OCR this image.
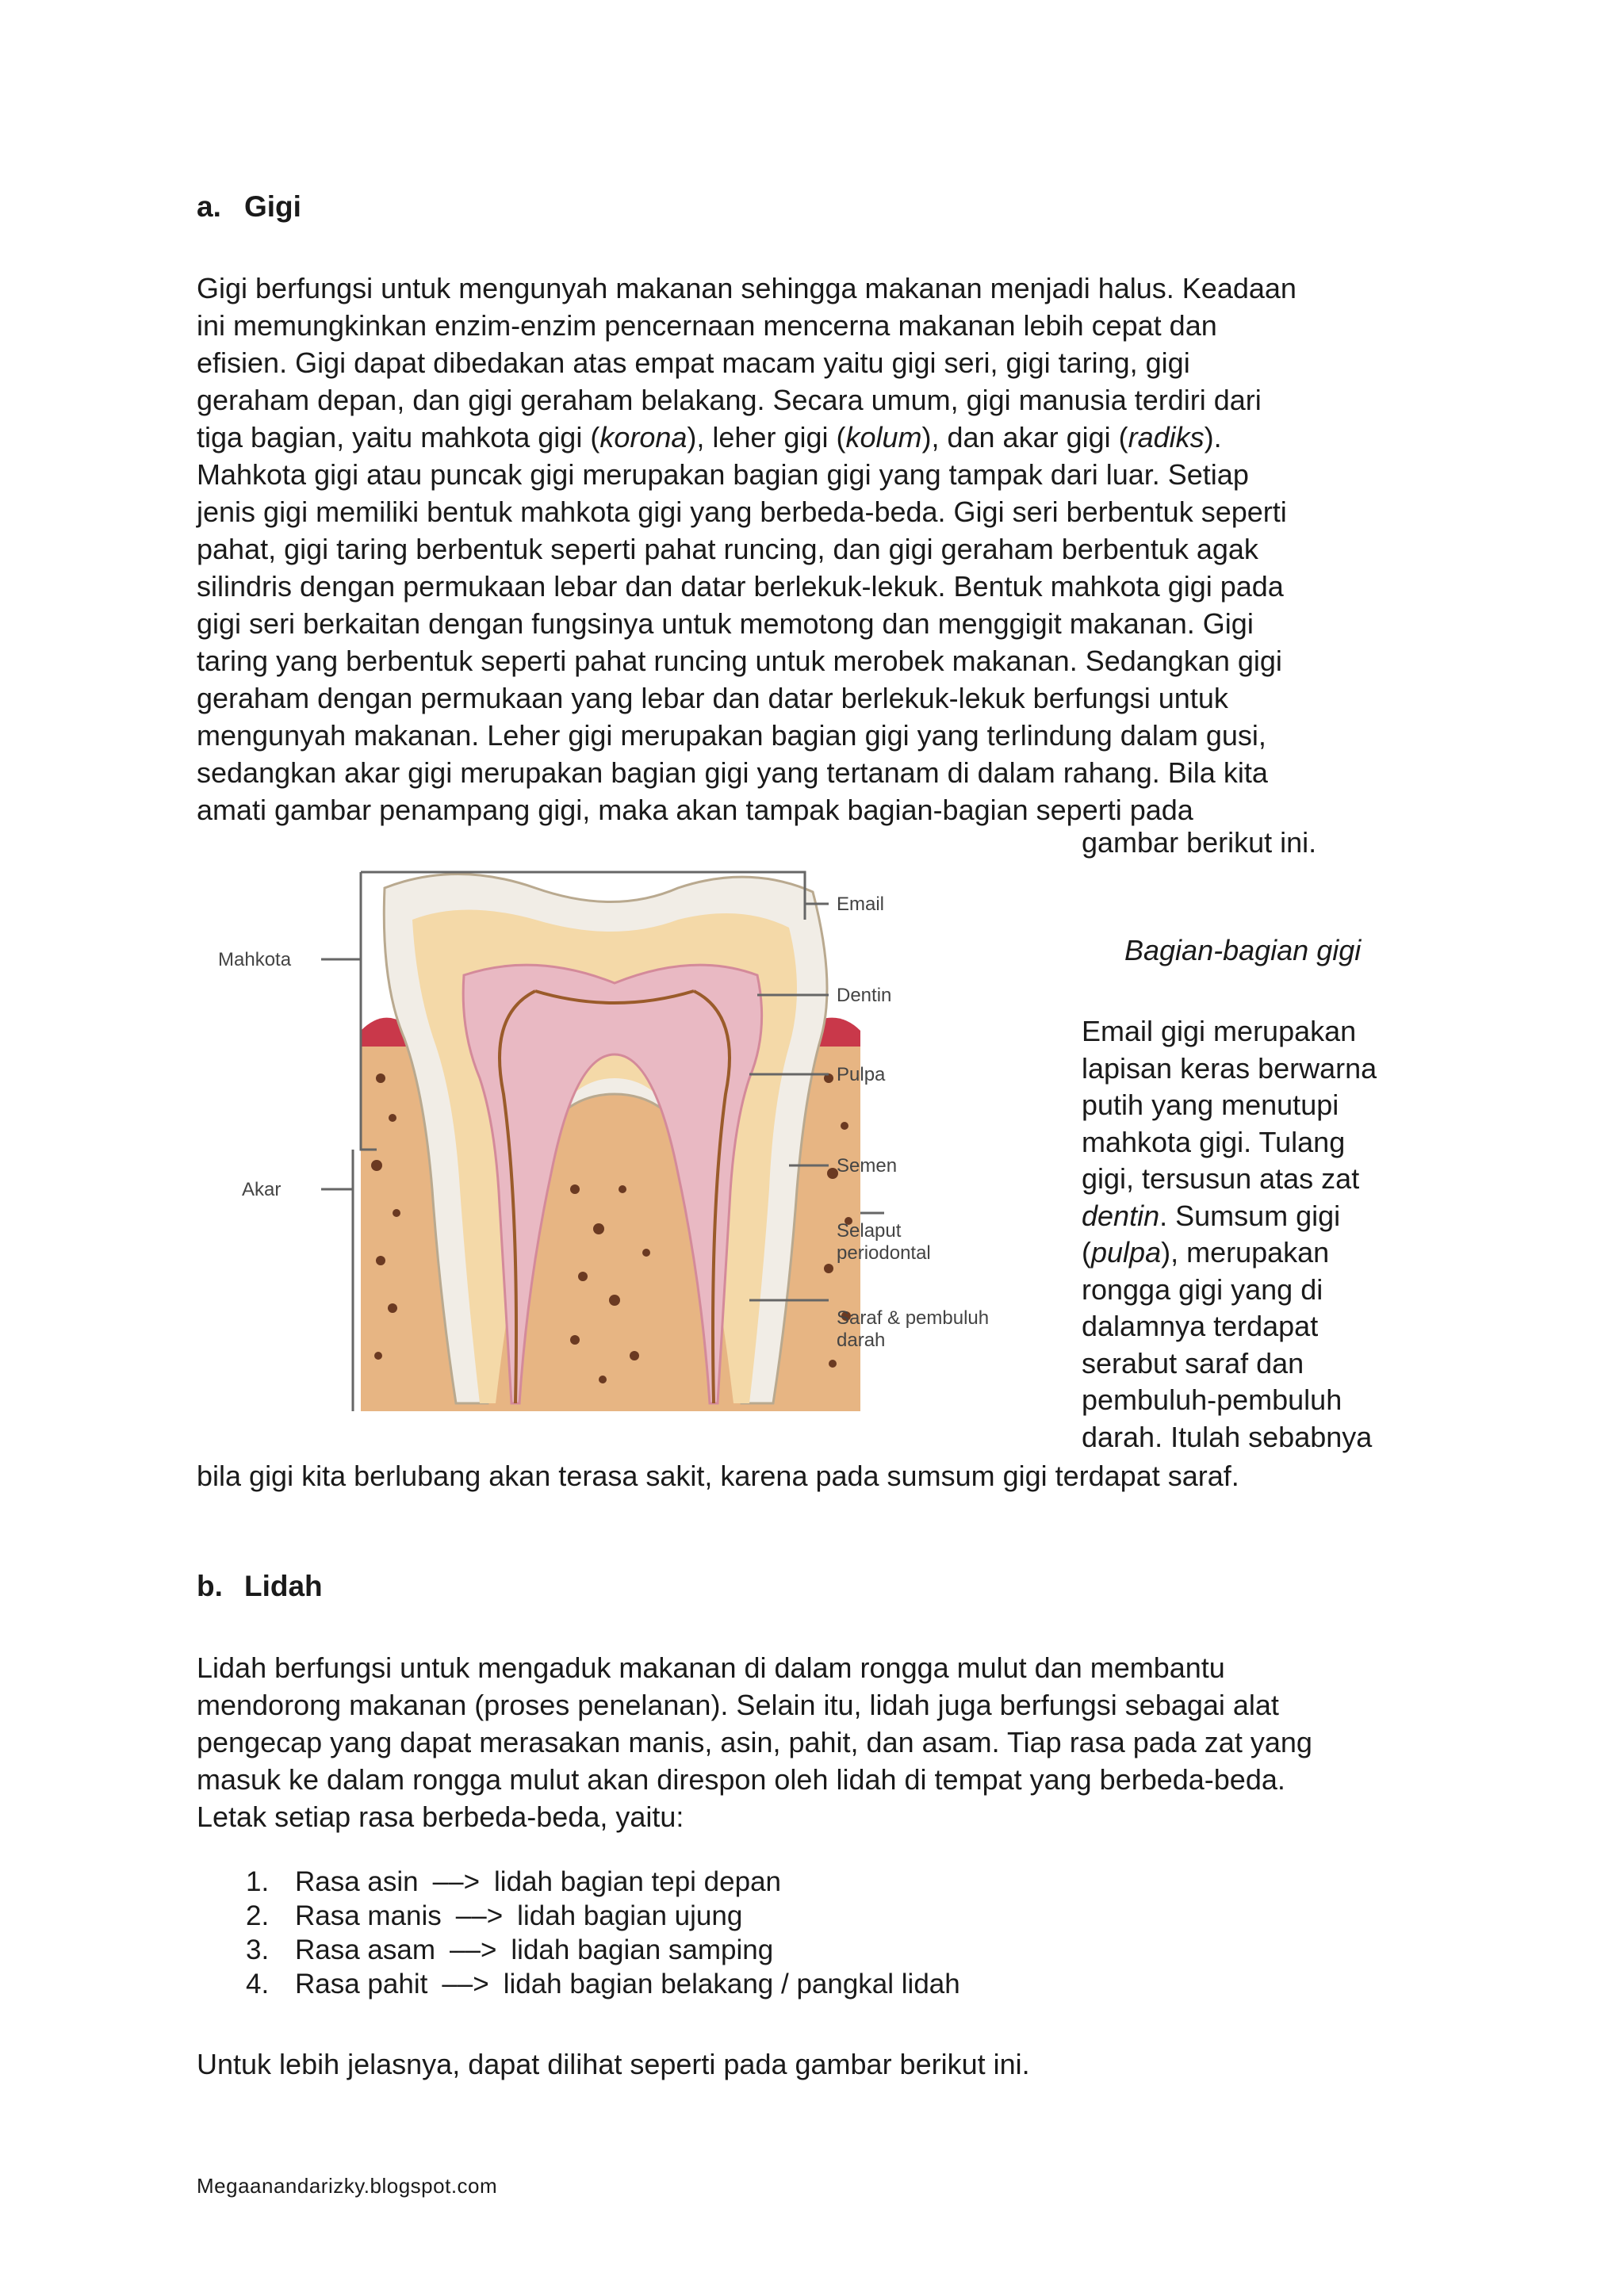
a. Gigi

Gigi berfungsi untuk mengunyah makanan sehingga makanan menjadi halus. Keadaan
ini memungkinkan enzim-enzim pencernaan mencerna makanan lebih cepat dan
efisien. Gigi dapat dibedakan atas empat macam yaitu gigi seri, gigi taring, gigi
geraham depan, dan gigi geraham belakang. Secara umum, gigi manusia terdiri dari
tiga bagian, yaitu mahkota gigi (korona), leher gigi (kolum), dan akar gigi (radiks).
Mahkota gigi atau puncak gigi merupakan bagian gigi yang tampak dari luar. Setiap
jenis gigi memiliki bentuk mahkota gigi yang berbeda-beda. Gigi seri berbentuk seperti
pahat, gigi taring berbentuk seperti pahat runcing, dan gigi geraham berbentuk agak
silindris dengan permukaan lebar dan datar berlekuk-lekuk. Bentuk mahkota gigi pada
gigi seri berkaitan dengan fungsinya untuk memotong dan menggigit makanan. Gigi
taring yang berbentuk seperti pahat runcing untuk merobek makanan. Sedangkan gigi
geraham dengan permukaan yang lebar dan datar berlekuk-lekuk berfungsi untuk
mengunyah makanan. Leher gigi merupakan bagian gigi yang terlindung dalam gusi,
sedangkan akar gigi merupakan bagian gigi yang tertanam di dalam rahang. Bila kita
amati gambar penampang gigi, maka akan tampak bagian-bagian seperti pada

gambar berikut ini.

Mahkota
Akar
Email
Dentin
Pulpa
Semen
Selaput
periodontal
Saraf & pembuluh
darah

Bagian-bagian gigi

Email gigi merupakan
lapisan keras berwarna
putih yang menutupi
mahkota gigi. Tulang
gigi, tersusun atas zat
dentin. Sumsum gigi
(pulpa), merupakan
rongga gigi yang di
dalamnya terdapat
serabut saraf dan
pembuluh-pembuluh
darah. Itulah sebabnya

bila gigi kita berlubang akan terasa sakit, karena pada sumsum gigi terdapat saraf.

b. Lidah

Lidah berfungsi untuk mengaduk makanan di dalam rongga mulut dan membantu
mendorong makanan (proses penelanan). Selain itu, lidah juga berfungsi sebagai alat
pengecap yang dapat merasakan manis, asin, pahit, dan asam. Tiap rasa pada zat yang
masuk ke dalam rongga mulut akan direspon oleh lidah di tempat yang berbeda-beda.
Letak setiap rasa berbeda-beda, yaitu:

1. Rasa asin ––> lidah bagian tepi depan
2. Rasa manis ––> lidah bagian ujung
3. Rasa asam ––> lidah bagian samping
4. Rasa pahit ––> lidah bagian belakang / pangkal lidah

Untuk lebih jelasnya, dapat dilihat seperti pada gambar berikut ini.

Megaanandarizky.blogspot.com
